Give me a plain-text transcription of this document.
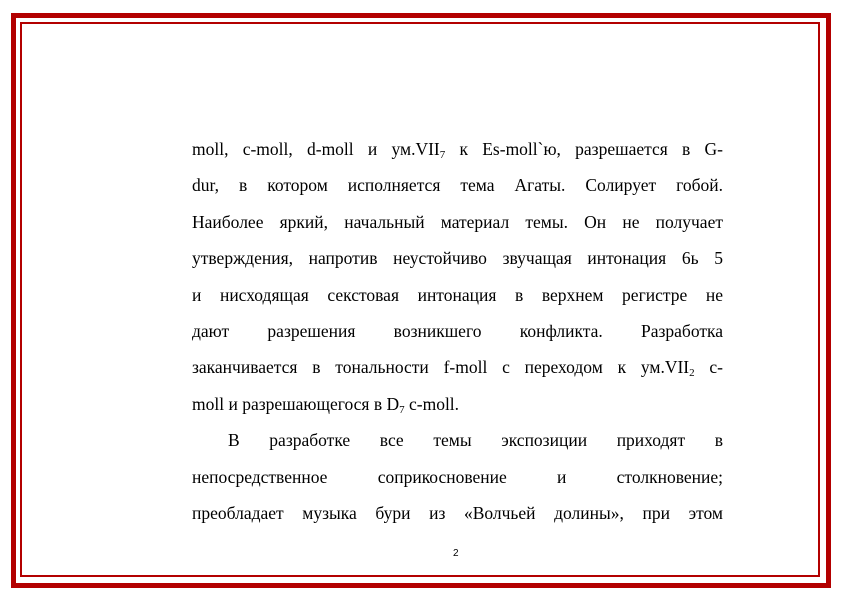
moll, c-moll, d-moll и $ум.VII_7$ к Es-moll`ю, разрешается в G-
dur, в котором исполняется тема Агаты. Солирует гобой.
Наиболее яркий, начальный материал темы. Он не получает
утверждения, напротив неустойчиво звучащая интонация 6ь 5
и нисходящая секстовая интонация в верхнем регистре не
дают разрешения возникшего конфликта. Разработка
заканчивается в тональности f-moll с переходом к $ум.VII_2$ c-
moll и разрешающегося в $D_7$ c-moll.
В разработке все темы экспозиции приходят в
непосредственное соприкосновение и столкновение;
преобладает музыка бури из «Волчьей долины», при этом
2
